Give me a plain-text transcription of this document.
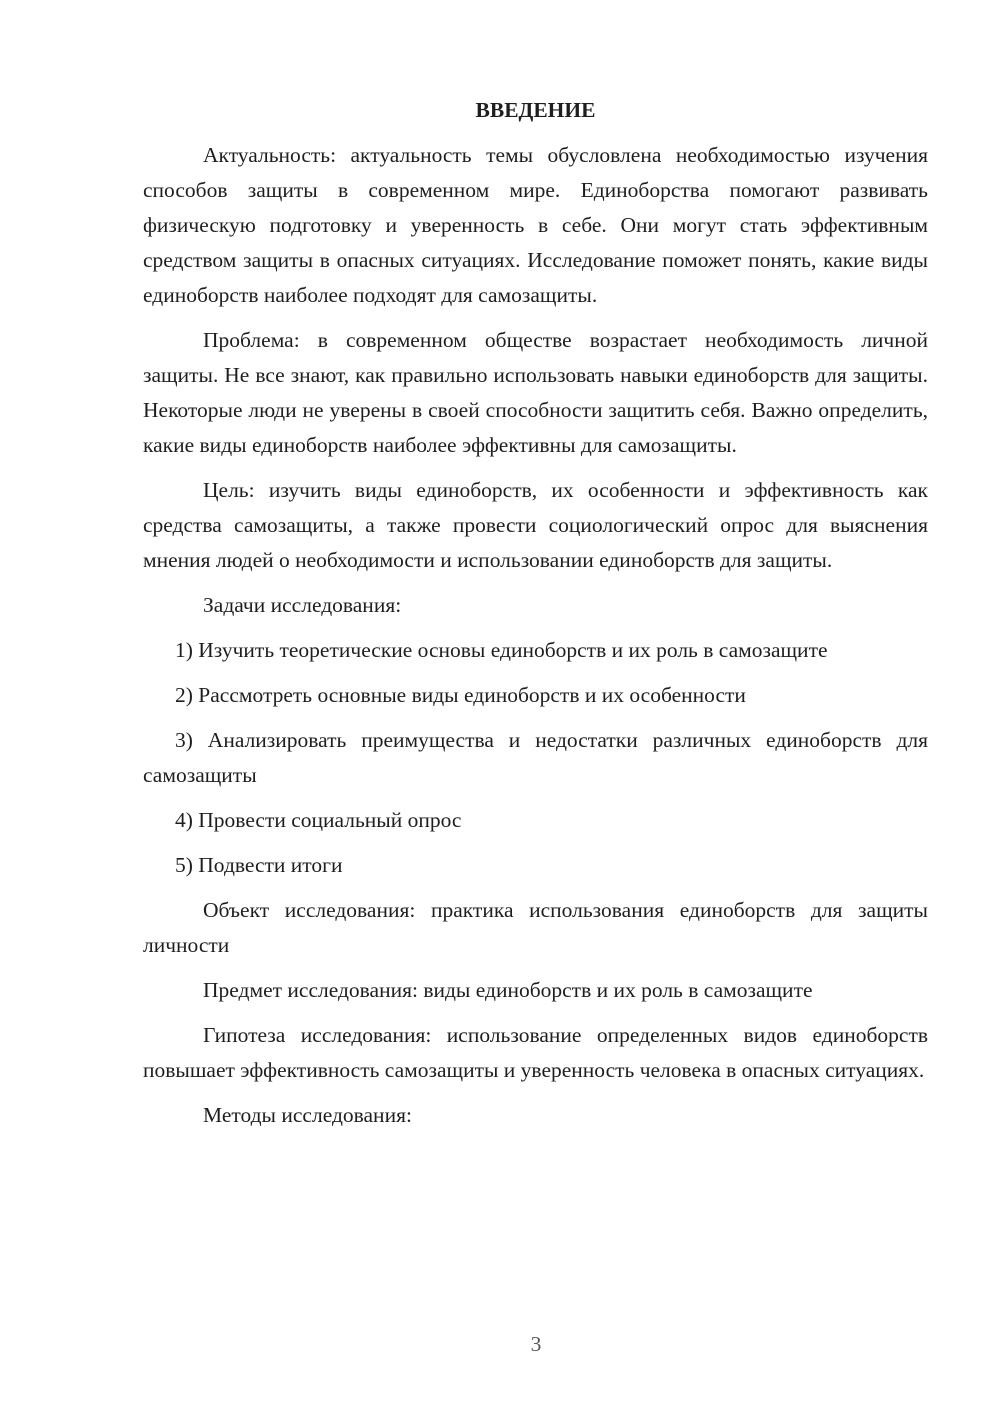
ВВЕДЕНИЕ

Актуальность: актуальность темы обусловлена необходимостью изучения способов защиты в современном мире. Единоборства помогают развивать физическую подготовку и уверенность в себе. Они могут стать эффективным средством защиты в опасных ситуациях. Исследование поможет понять, какие виды единоборств наиболее подходят для самозащиты.

Проблема: в современном обществе возрастает необходимость личной защиты. Не все знают, как правильно использовать навыки единоборств для защиты. Некоторые люди не уверены в своей способности защитить себя. Важно определить, какие виды единоборств наиболее эффективны для самозащиты.

Цель: изучить виды единоборств, их особенности и эффективность как средства самозащиты, а также провести социологический опрос для выяснения мнения людей о необходимости и использовании единоборств для защиты.

Задачи исследования:

1) Изучить теоретические основы единоборств и их роль в самозащите

2) Рассмотреть основные виды единоборств и их особенности

3) Анализировать преимущества и недостатки различных единоборств для самозащиты

4) Провести социальный опрос

5) Подвести итоги

Объект исследования: практика использования единоборств для защиты личности

Предмет исследования: виды единоборств и их роль в самозащите

Гипотеза исследования: использование определенных видов единоборств повышает эффективность самозащиты и уверенность человека в опасных ситуациях.

Методы исследования:

3
